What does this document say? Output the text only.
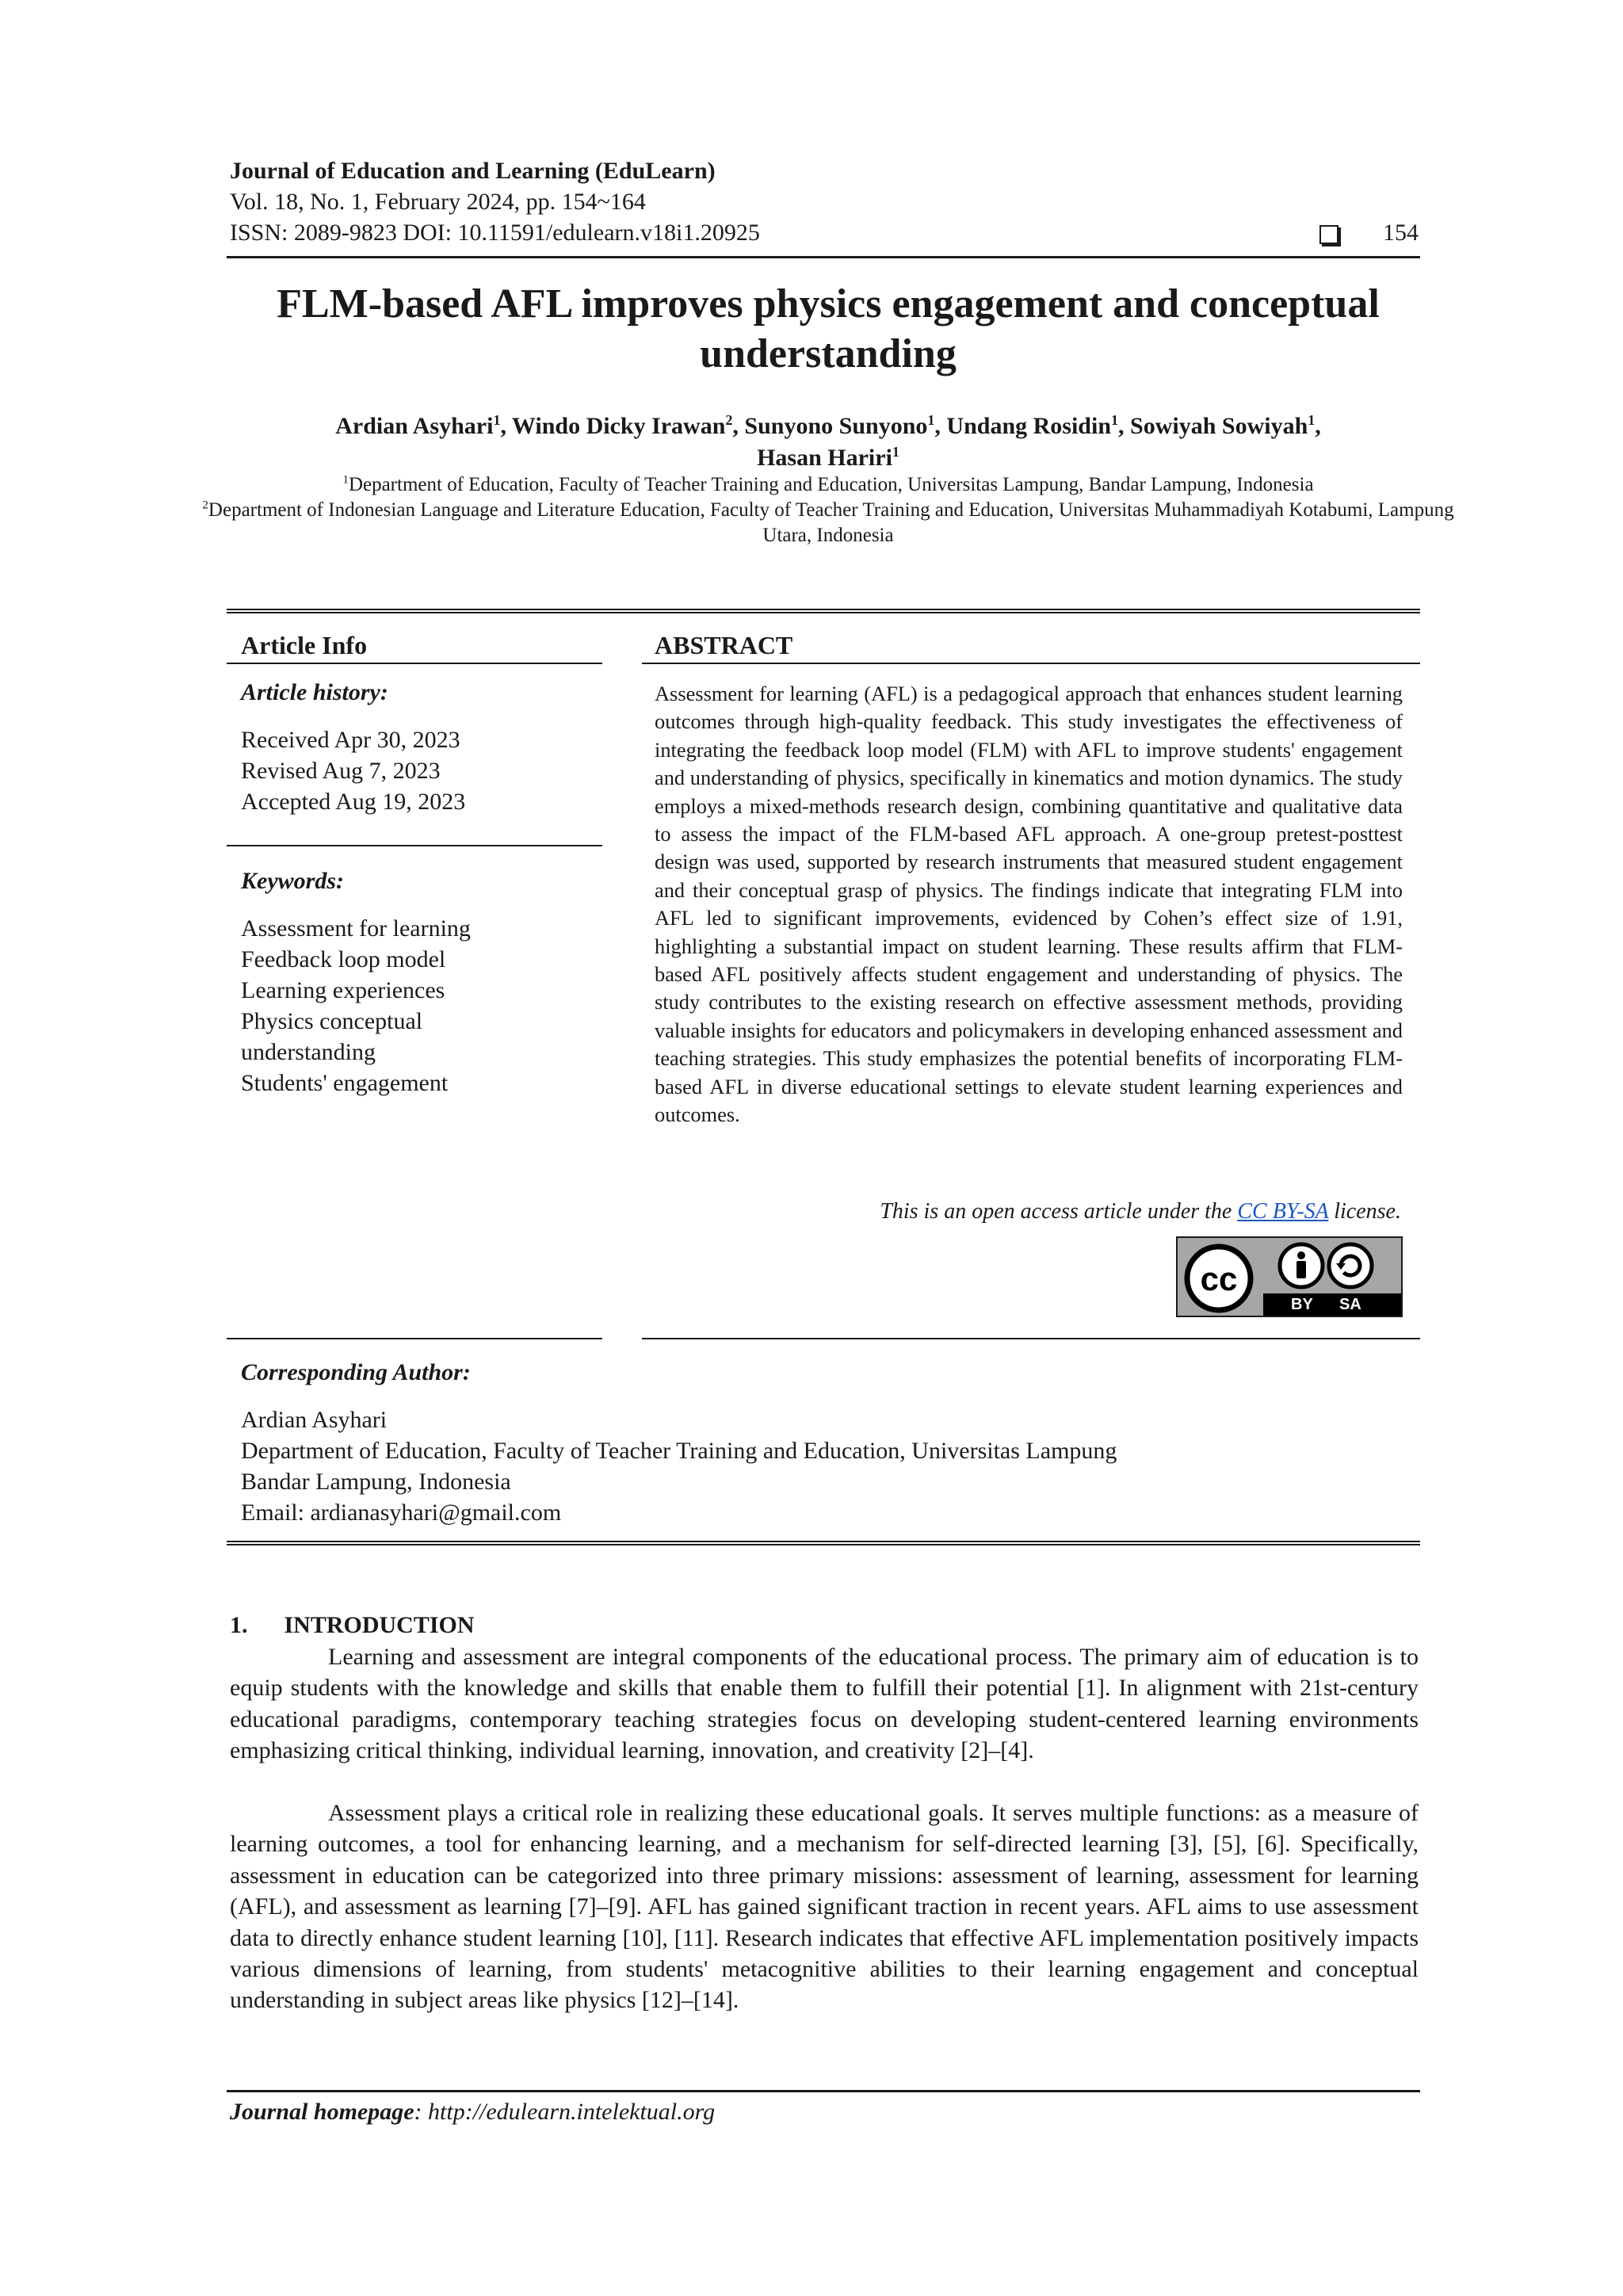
Journal of Education and Learning (EduLearn)
Vol. 18, No. 1, February 2024, pp. 154~164
ISSN: 2089-9823 DOI: 10.11591/edulearn.v18i1.20925	154
FLM-based AFL improves physics engagement and conceptual understanding
Ardian Asyhari$^1$, Windo Dicky Irawan$^2$, Sunyono Sunyono$^1$, Undang Rosidin$^1$, Sowiyah Sowiyah$^1$,
Hasan Hariri$^1$
$^1$Department of Education, Faculty of Teacher Training and Education, Universitas Lampung, Bandar Lampung, Indonesia
$^2$Department of Indonesian Language and Literature Education, Faculty of Teacher Training and Education, Universitas Muhammadiyah Kotabumi, Lampung Utara, Indonesia
Article Info	ABSTRACT
Article history:
Received Apr 30, 2023
Revised Aug 7, 2023
Accepted Aug 19, 2023
Keywords:
Assessment for learning
Feedback loop model
Learning experiences
Physics conceptual
understanding
Students' engagement
Assessment for learning (AFL) is a pedagogical approach that enhances student learning outcomes through high-quality feedback. This study investigates the effectiveness of integrating the feedback loop model (FLM) with AFL to improve students' engagement and understanding of physics, specifically in kinematics and motion dynamics. The study employs a mixed-methods research design, combining quantitative and qualitative data to assess the impact of the FLM-based AFL approach. A one-group pretest-posttest design was used, supported by research instruments that measured student engagement and their conceptual grasp of physics. The findings indicate that integrating FLM into AFL led to significant improvements, evidenced by Cohen’s effect size of 1.91, highlighting a substantial impact on student learning. These results affirm that FLM-based AFL positively affects student engagement and understanding of physics. The study contributes to the existing research on effective assessment methods, providing valuable insights for educators and policymakers in developing enhanced assessment and teaching strategies. This study emphasizes the potential benefits of incorporating FLM-based AFL in diverse educational settings to elevate student learning experiences and outcomes.
This is an open access article under the CC BY-SA license.
cc
BY SA
Corresponding Author:
Ardian Asyhari
Department of Education, Faculty of Teacher Training and Education, Universitas Lampung
Bandar Lampung, Indonesia
Email: ardianasyhari@gmail.com
1. INTRODUCTION
Learning and assessment are integral components of the educational process. The primary aim of education is to equip students with the knowledge and skills that enable them to fulfill their potential [1]. In alignment with 21st-century educational paradigms, contemporary teaching strategies focus on developing student-centered learning environments emphasizing critical thinking, individual learning, innovation, and creativity [2]–[4].
Assessment plays a critical role in realizing these educational goals. It serves multiple functions: as a measure of learning outcomes, a tool for enhancing learning, and a mechanism for self-directed learning [3], [5], [6]. Specifically, assessment in education can be categorized into three primary missions: assessment of learning, assessment for learning (AFL), and assessment as learning [7]–[9]. AFL has gained significant traction in recent years. AFL aims to use assessment data to directly enhance student learning [10], [11]. Research indicates that effective AFL implementation positively impacts various dimensions of learning, from students' metacognitive abilities to their learning engagement and conceptual understanding in subject areas like physics [12]–[14].
Journal homepage: http://edulearn.intelektual.org
